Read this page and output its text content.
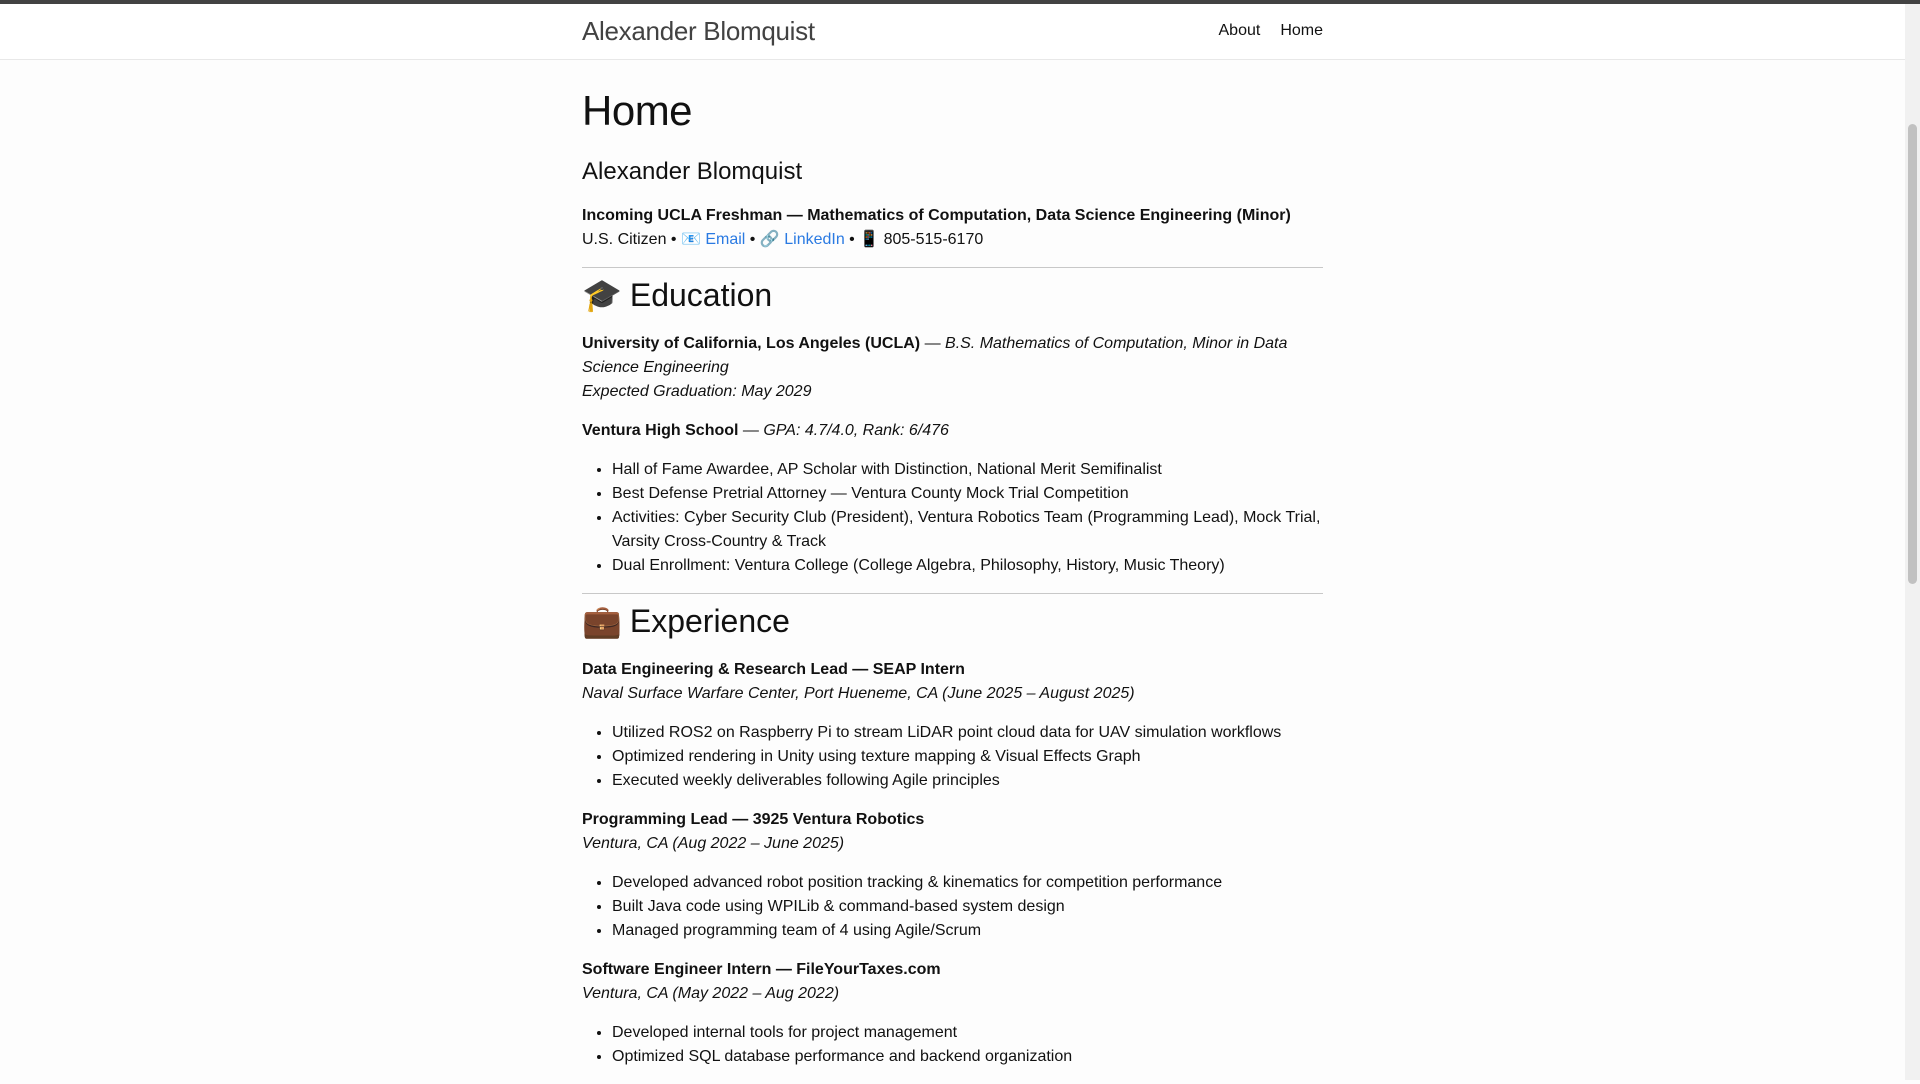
Alexander Blomquist	About Home
Home
Alexander Blomquist

Incoming UCLA Freshman — Mathematics of Computation, Data Science Engineering (Minor)
U.S. Citizen • 📧 Email • 🔗 LinkedIn • 📱 805-515-6170

🎓 Education

University of California, Los Angeles (UCLA) — B.S. Mathematics of Computation, Minor in Data Science Engineering
Expected Graduation: May 2029

Ventura High School — GPA: 4.7/4.0, Rank: 6/476

• Hall of Fame Awardee, AP Scholar with Distinction, National Merit Semifinalist
• Best Defense Pretrial Attorney — Ventura County Mock Trial Competition
• Activities: Cyber Security Club (President), Ventura Robotics Team (Programming Lead), Mock Trial, Varsity Cross-Country & Track
• Dual Enrollment: Ventura College (College Algebra, Philosophy, History, Music Theory)
💼 Experience

Data Engineering & Research Lead — SEAP Intern
Naval Surface Warfare Center, Port Hueneme, CA (June 2025 – August 2025)

• Utilized ROS2 on Raspberry Pi to stream LiDAR point cloud data for UAV simulation workflows
• Optimized rendering in Unity using texture mapping & Visual Effects Graph
• Executed weekly deliverables following Agile principles

Programming Lead — 3925 Ventura Robotics
Ventura, CA (Aug 2022 – June 2025)

• Developed advanced robot position tracking & kinematics for competition performance
• Built Java code using WPILib & command-based system design
• Managed programming team of 4 using Agile/Scrum

Software Engineer Intern — FileYourTaxes.com
Ventura, CA (May 2022 – Aug 2022)

• Developed internal tools for project management
• Optimized SQL database performance and backend organization
